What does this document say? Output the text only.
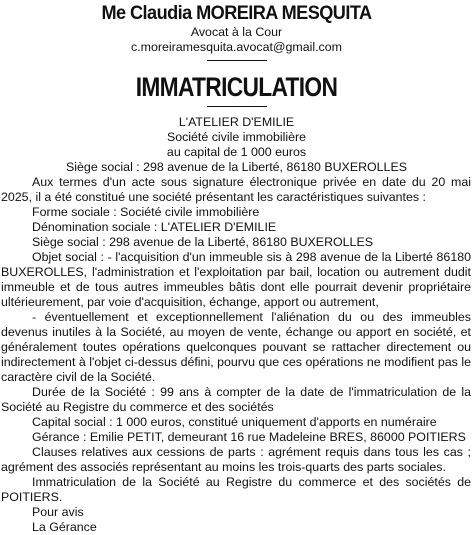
Me Claudia MOREIRA MESQUITA
Avocat à la Cour
c.moreiramesquita.avocat@gmail.com
IMMATRICULATION
L'ATELIER D'EMILIE
Société civile immobilière
au capital de 1 000 euros
Siège social : 298 avenue de la Liberté, 86180 BUXEROLLES

Aux termes d'un acte sous signature électronique privée en date du 20 mai 2025, il a été constitué une société présentant les caractéristiques suivantes :

Forme sociale : Société civile immobilière

Dénomination sociale : L'ATELIER D'EMILIE

Siège social : 298 avenue de la Liberté, 86180 BUXEROLLES

Objet social : - l'acquisition d'un immeuble sis à 298 avenue de la Liberté 86180 BUXEROLLES, l'administration et l'exploitation par bail, location ou autrement dudit immeuble et de tous autres immeubles bâtis dont elle pourrait devenir propriétaire ultérieurement, par voie d'acquisition, échange, apport ou autrement,

- éventuellement et exceptionnellement l'aliénation du ou des immeubles devenus inutiles à la Société, au moyen de vente, échange ou apport en société, et généralement toutes opérations quelconques pouvant se rattacher directement ou indirectement à l'objet ci-dessus défini, pourvu que ces opérations ne modifient pas le caractère civil de la Société.

Durée de la Société : 99 ans à compter de la date de l'immatriculation de la Société au Registre du commerce et des sociétés

Capital social : 1 000 euros, constitué uniquement d'apports en numéraire

Gérance : Emilie PETIT, demeurant 16 rue Madeleine BRES, 86000 POITIERS

Clauses relatives aux cessions de parts : agrément requis dans tous les cas ; agrément des associés représentant au moins les trois-quarts des parts sociales.

Immatriculation de la Société au Registre du commerce et des sociétés de POITIERS.

Pour avis

La Gérance
